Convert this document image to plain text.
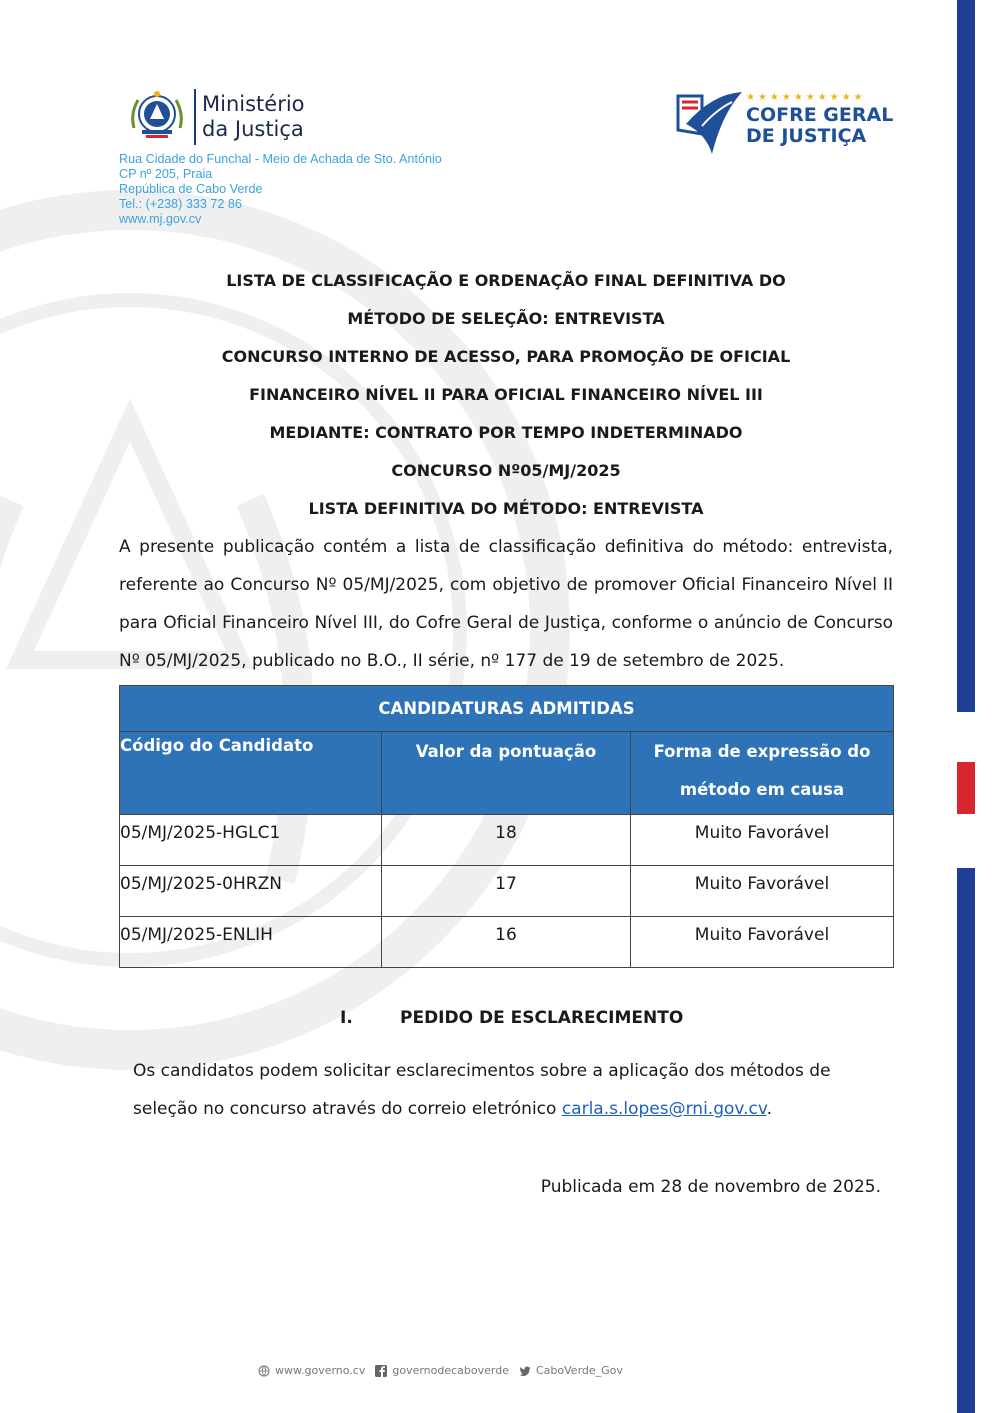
Ministério
da Justiça
Rua Cidade do Funchal - Meio de Achada de Sto. António
CP nº 205, Praia
República de Cabo Verde
Tel.: (+238) 333 72 86
www.mj.gov.cv
★★★★★★★★★★
COFRE GERAL
DE JUSTIÇA
LISTA DE CLASSIFICAÇÃO E ORDENAÇÃO FINAL DEFINITIVA DO
MÉTODO DE SELEÇÃO: ENTREVISTA
CONCURSO INTERNO DE ACESSO, PARA PROMOÇÃO DE OFICIAL
FINANCEIRO NÍVEL II PARA OFICIAL FINANCEIRO NÍVEL III
MEDIANTE: CONTRATO POR TEMPO INDETERMINADO
CONCURSO Nº05/MJ/2025
LISTA DEFINITIVA DO MÉTODO: ENTREVISTA
A presente publicação contém a lista de classificação definitiva do método: entrevista, referente ao Concurso Nº 05/MJ/2025, com objetivo de promover Oficial Financeiro Nível II para Oficial Financeiro Nível III, do Cofre Geral de Justiça, conforme o anúncio de Concurso Nº 05/MJ/2025, publicado no B.O., II série, nº 177 de 19 de setembro de 2025.
CANDIDATURAS ADMITIDAS		
Código do Candidato	Valor da pontuação	Forma de expressão do método em causa
05/MJ/2025-HGLC1	18	Muito Favorável
05/MJ/2025-0HRZN	17	Muito Favorável
05/MJ/2025-ENLIH	16	Muito Favorável
I.	PEDIDO DE ESCLARECIMENTO
Os candidatos podem solicitar esclarecimentos sobre a aplicação dos métodos de seleção no concurso através do correio eletrónico carla.s.lopes@rni.gov.cv.
Publicada em 28 de novembro de 2025.
www.governo.cv governodecaboverde CaboVerde_Gov
